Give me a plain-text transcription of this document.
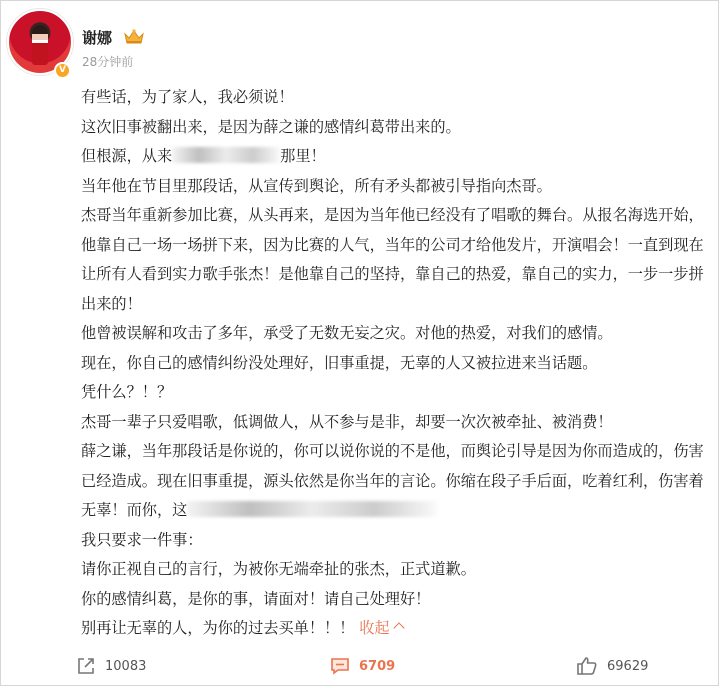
V
谢娜
28分钟前

有些话，为了家人，我必须说！

这次旧事被翻出来，是因为薛之谦的感情纠葛带出来的。

但根源，从来	那里！

当年他在节目里那段话，从宣传到舆论，所有矛头都被引导指向杰哥。

杰哥当年重新参加比赛，从头再来，是因为当年他已经没有了唱歌的舞台。从报名海选开始，他靠自己一场一场拼下来，因为比赛的人气，当年的公司才给他发片，开演唱会！一直到现在让所有人看到实力歌手张杰！是他靠自己的坚持，靠自己的热爱，靠自己的实力，一步一步拼出来的！

他曾被误解和攻击了多年，承受了无数无妄之灾。对他的热爱，对我们的感情。

现在，你自己的感情纠纷没处理好，旧事重提，无辜的人又被拉进来当话题。

凭什么？！？

杰哥一辈子只爱唱歌，低调做人，从不参与是非，却要一次次被牵扯、被消费！

薛之谦，当年那段话是你说的，你可以说你说的不是他，而舆论引导是因为你而造成的，伤害已经造成。现在旧事重提，源头依然是你当年的言论。你缩在段子手后面，吃着红利，伤害着无辜！而你，这

我只要求一件事：

请你正视自己的言行，为被你无端牵扯的张杰，正式道歉。

你的感情纠葛，是你的事，请面对！请自己处理好！

别再让无辜的人，为你的过去买单！！！ 收起

10083	6709	69629
